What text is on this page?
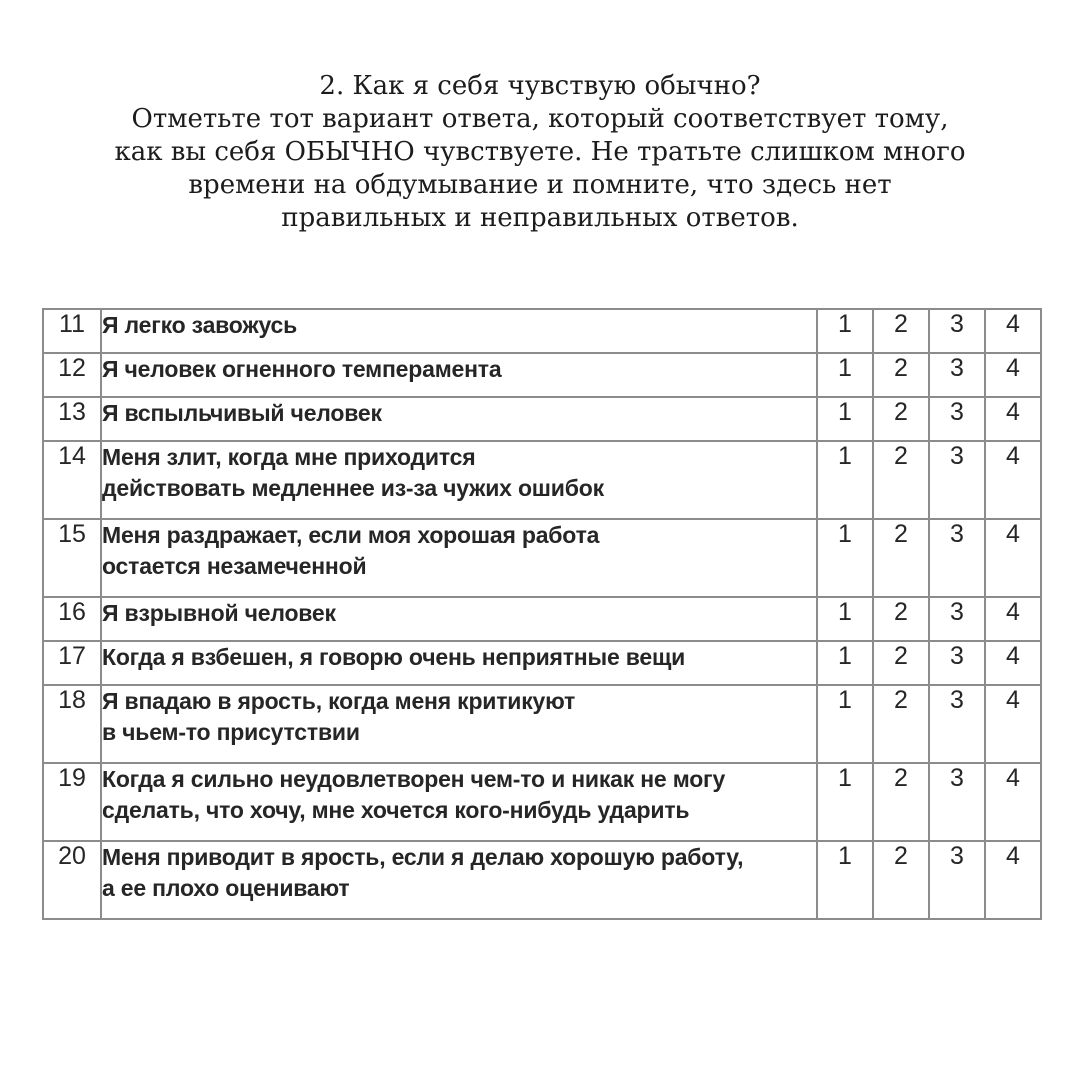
2. Как я себя чувствую обычно?
Отметьте тот вариант ответа, который соответствует тому,
как вы себя ОБЫЧНО чувствуете. Не тратьте слишком много
времени на обдумывание и помните, что здесь нет
правильных и неправильных ответов.
11	Я легко завожусь	1	2	3	4
12	Я человек огненного темперамента	1	2	3	4
13	Я вспыльчивый человек	1	2	3	4
14	Меня злит, когда мне приходится
действовать медленнее из-за чужих ошибок	1	2	3	4
15	Меня раздражает, если моя хорошая работа
остается незамеченной	1	2	3	4
16	Я взрывной человек	1	2	3	4
17	Когда я взбешен, я говорю очень неприятные вещи	1	2	3	4
18	Я впадаю в ярость, когда меня критикуют
в чьем-то присутствии	1	2	3	4
19	Когда я сильно неудовлетворен чем-то и никак не могу
сделать, что хочу, мне хочется кого-нибудь ударить	1	2	3	4
20	Меня приводит в ярость, если я делаю хорошую работу,
а ее плохо оценивают	1	2	3	4
